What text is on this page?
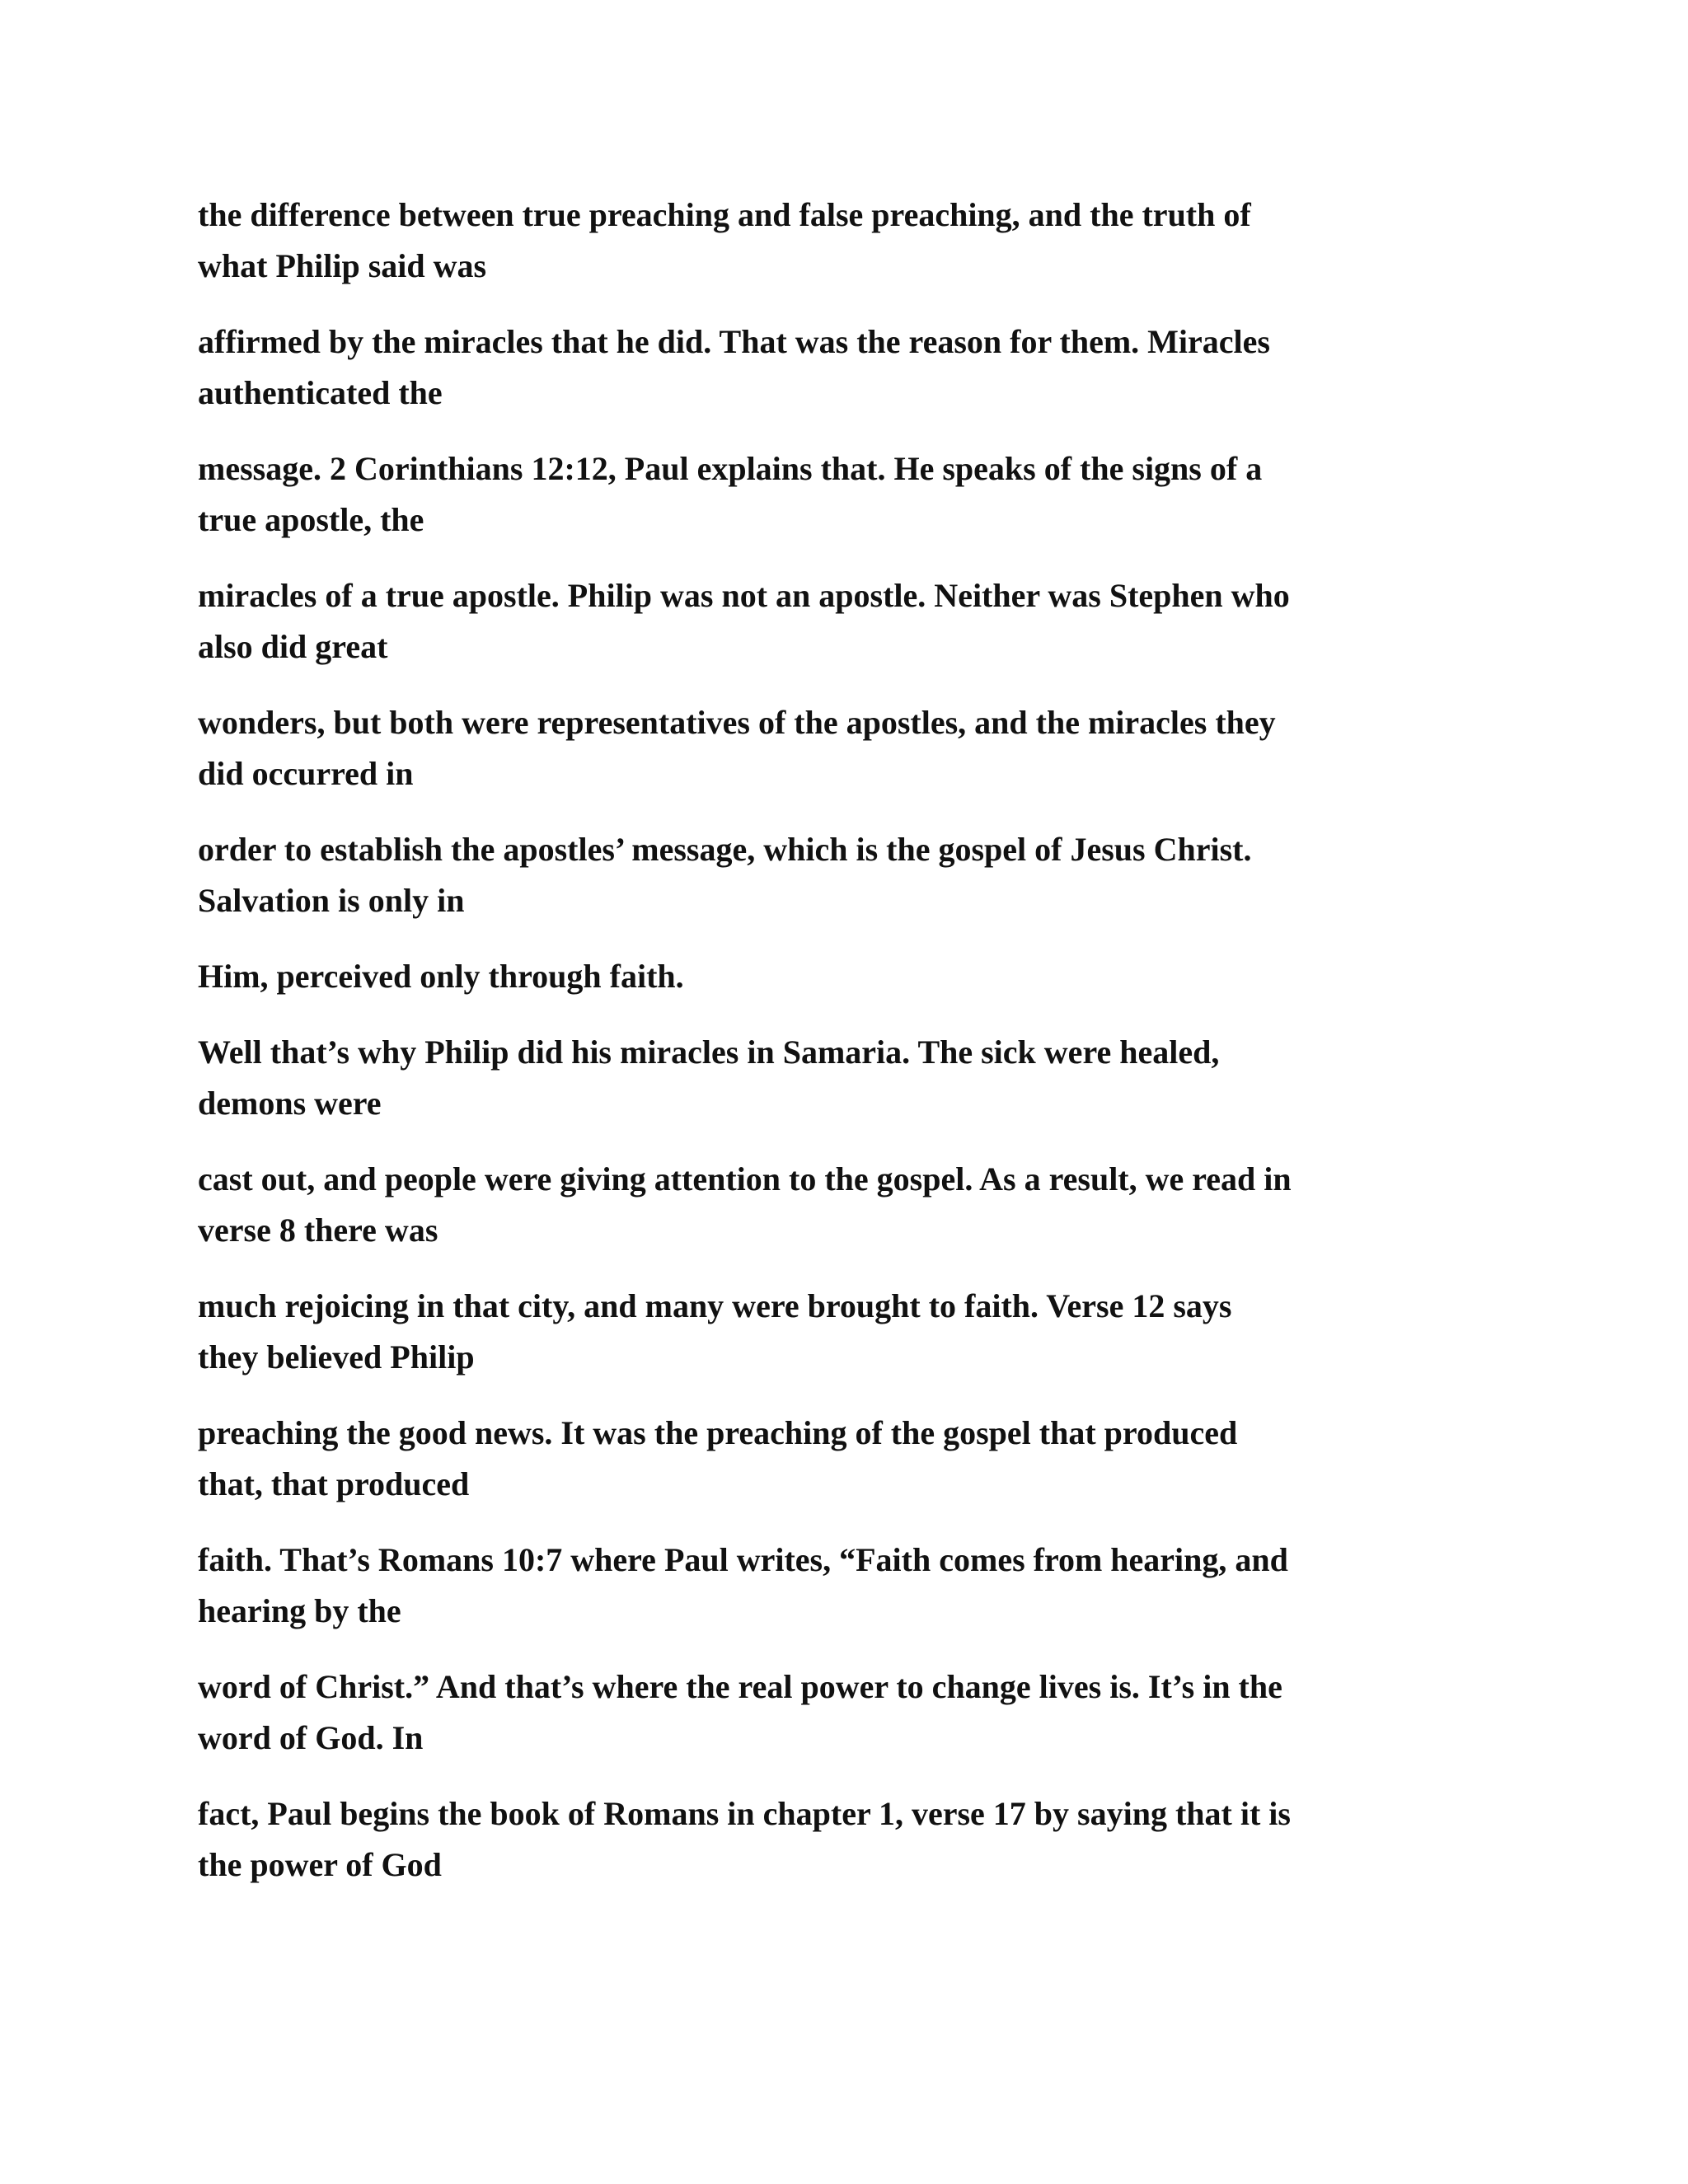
the difference between true preaching and false preaching, and the truth of
what Philip said was
affirmed by the miracles that he did. That was the reason for them. Miracles
authenticated the
message. 2 Corinthians 12:12, Paul explains that. He speaks of the signs of a
true apostle, the
miracles of a true apostle. Philip was not an apostle. Neither was Stephen who
also did great
wonders, but both were representatives of the apostles, and the miracles they
did occurred in
order to establish the apostles’ message, which is the gospel of Jesus Christ.
Salvation is only in
Him, perceived only through faith.
Well that’s why Philip did his miracles in Samaria. The sick were healed,
demons were
cast out, and people were giving attention to the gospel. As a result, we read in
verse 8 there was
much rejoicing in that city, and many were brought to faith. Verse 12 says
they believed Philip
preaching the good news. It was the preaching of the gospel that produced
that, that produced
faith. That’s Romans 10:7 where Paul writes, “Faith comes from hearing, and
hearing by the
word of Christ.” And that’s where the real power to change lives is. It’s in the
word of God. In
fact, Paul begins the book of Romans in chapter 1, verse 17 by saying that it is
the power of God
